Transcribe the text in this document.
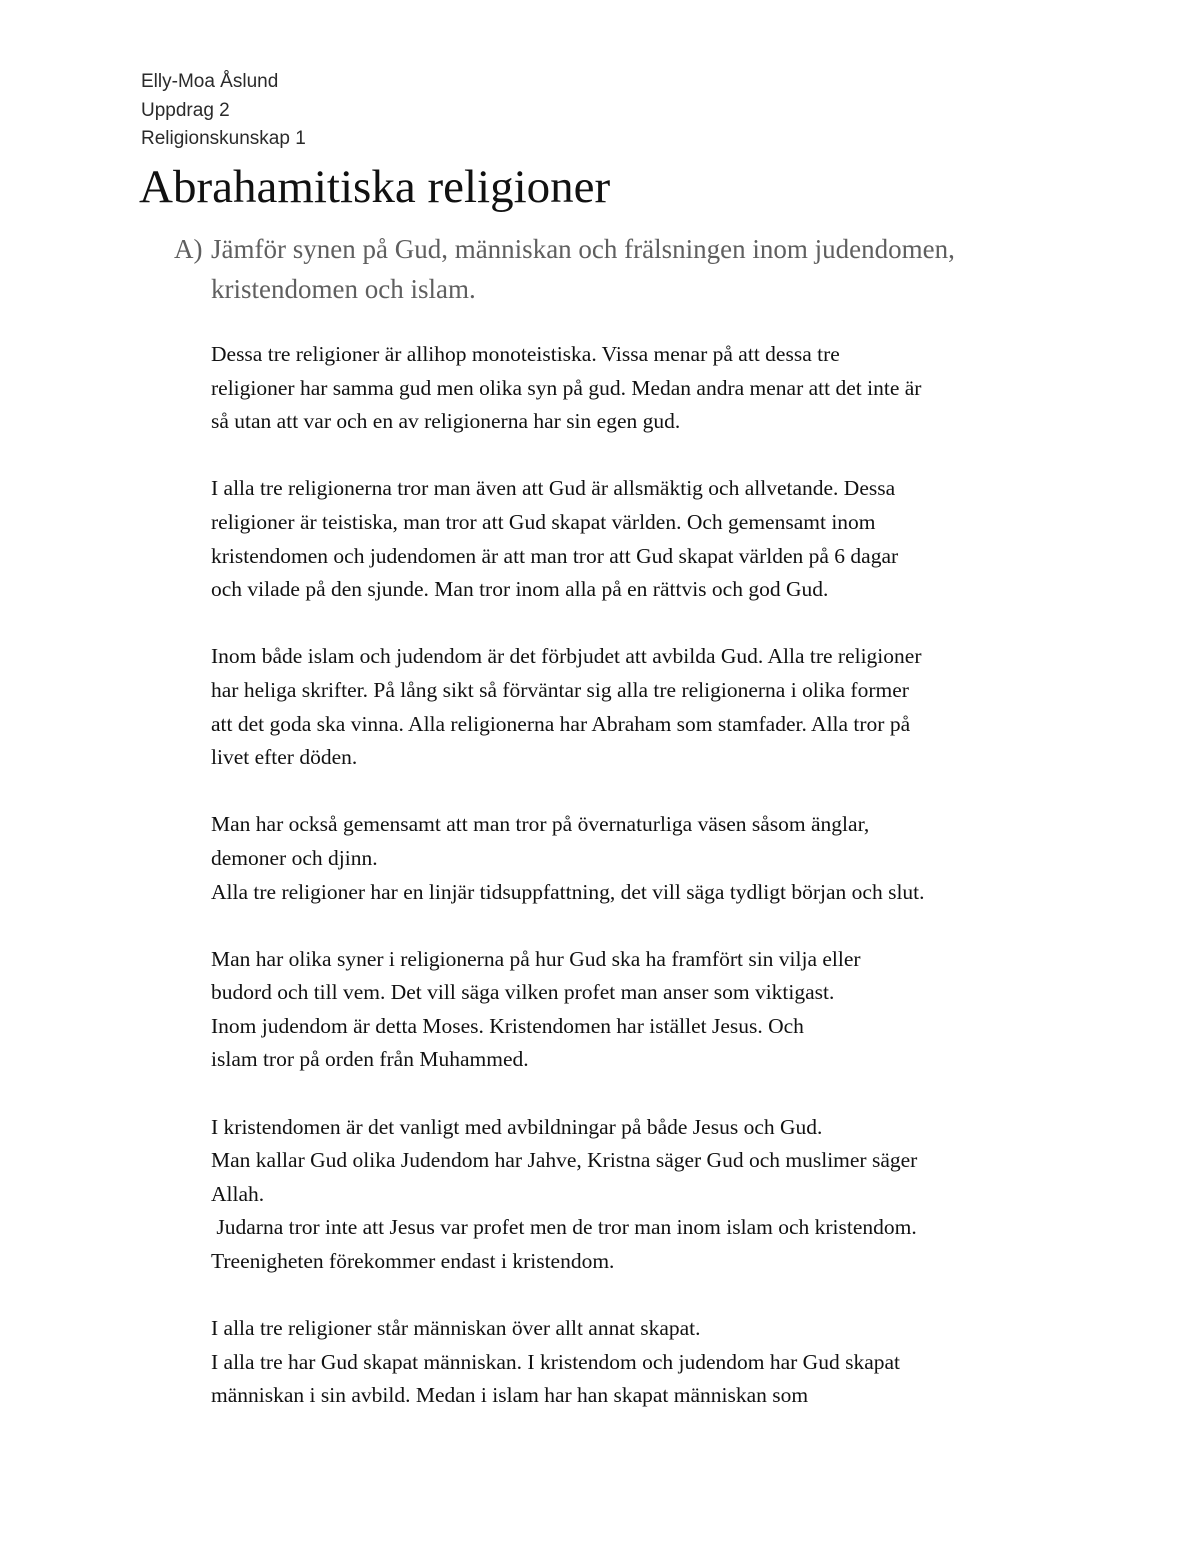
Elly-Moa Åslund
Uppdrag 2
Religionskunskap 1
Abrahamitiska religioner
A) Jämför synen på Gud, människan och frälsningen inom judendomen,
kristendomen och islam.
Dessa tre religioner är allihop monoteistiska. Vissa menar på att dessa tre
religioner har samma gud men olika syn på gud. Medan andra menar att det inte är
så utan att var och en av religionerna har sin egen gud.
I alla tre religionerna tror man även att Gud är allsmäktig och allvetande. Dessa
religioner är teistiska, man tror att Gud skapat världen. Och gemensamt inom
kristendomen och judendomen är att man tror att Gud skapat världen på 6 dagar
och vilade på den sjunde. Man tror inom alla på en rättvis och god Gud.
Inom både islam och judendom är det förbjudet att avbilda Gud. Alla tre religioner
har heliga skrifter. På lång sikt så förväntar sig alla tre religionerna i olika former
att det goda ska vinna. Alla religionerna har Abraham som stamfader. Alla tror på
livet efter döden.
Man har också gemensamt att man tror på övernaturliga väsen såsom änglar,
demoner och djinn.
Alla tre religioner har en linjär tidsuppfattning, det vill säga tydligt början och slut.
Man har olika syner i religionerna på hur Gud ska ha framfört sin vilja eller
budord och till vem. Det vill säga vilken profet man anser som viktigast.
Inom judendom är detta Moses. Kristendomen har istället Jesus. Och
islam tror på orden från Muhammed.
I kristendomen är det vanligt med avbildningar på både Jesus och Gud.
Man kallar Gud olika Judendom har Jahve, Kristna säger Gud och muslimer säger
Allah.
Judarna tror inte att Jesus var profet men de tror man inom islam och kristendom.
Treenigheten förekommer endast i kristendom.
I alla tre religioner står människan över allt annat skapat.
I alla tre har Gud skapat människan. I kristendom och judendom har Gud skapat
människan i sin avbild. Medan i islam har han skapat människan som
